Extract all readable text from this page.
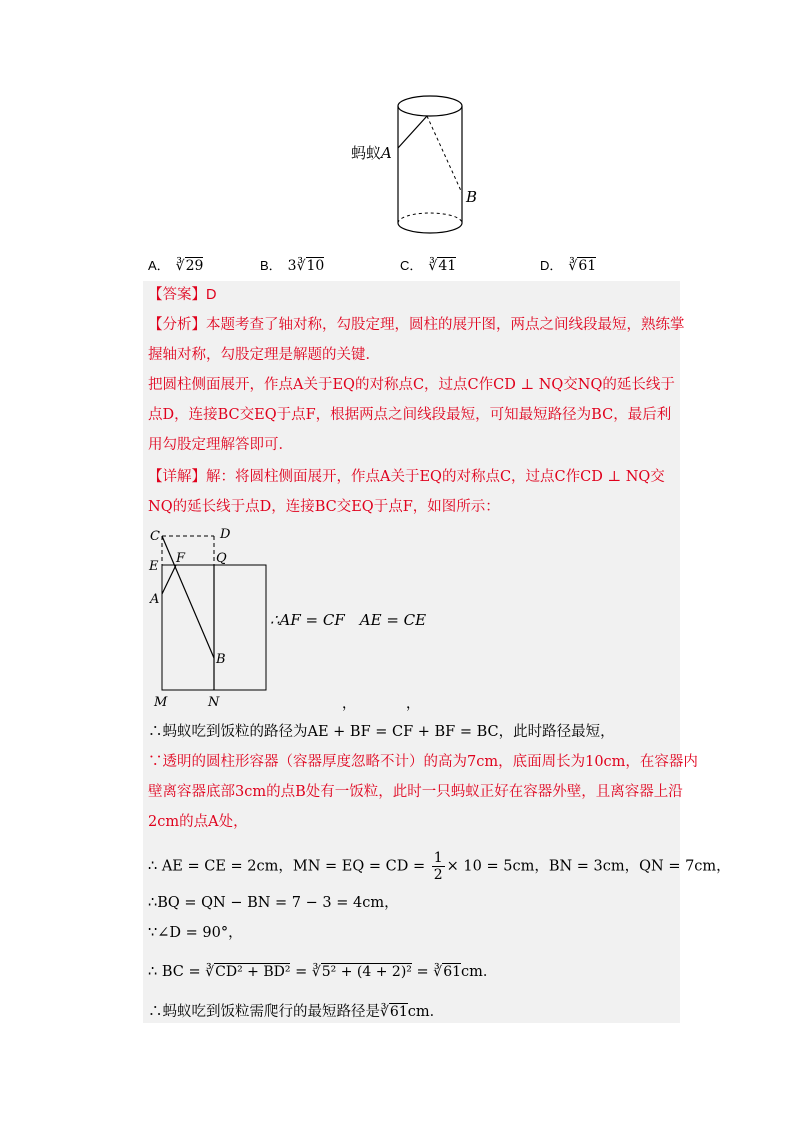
蚂蚁A
B
A． ∛29	B． 3∛10	C． ∛41	D． ∛61
【答案】D
【分析】本题考查了轴对称，勾股定理，圆柱的展开图，两点之间线段最短，熟练掌
握轴对称，勾股定理是解题的关键．
把圆柱侧面展开，作点A关于EQ的对称点C，过点C作CD ⊥ NQ交NQ的延长线于
点D，连接BC交EQ于点F，根据两点之间线段最短，可知最短路径为BC，最后利
用勾股定理解答即可．
【详解】解：将圆柱侧面展开，作点A关于EQ的对称点C，过点C作CD ⊥ NQ交
NQ的延长线于点D，连接BC交EQ于点F，如图所示：
C	D
F Q
E
A
B
M	N
∴AF = CF　AE = CE
，	，
∴蚂蚁吃到饭粒的路径为AE + BF = CF + BF = BC，此时路径最短，
∵透明的圆柱形容器（容器厚度忽略不计）的高为7cm，底面周长为10cm，在容器内
壁离容器底部3cm的点B处有一饭粒，此时一只蚂蚁正好在容器外壁，且离容器上沿
2cm的点A处，
∴ AE = CE = 2cm，MN = EQ = CD = $\frac{1}{2} \times 10 = 5cm$，BN = 3cm，QN = 7cm，
∴BQ = QN − BN = 7 − 3 = 4cm，
∵∠D = 90°，
∴ BC = ∛CD² + BD² = ∛5² + (4 + 2)² = ∛61cm．
∴蚂蚁吃到饭粒需爬行的最短路径是∛61cm．
